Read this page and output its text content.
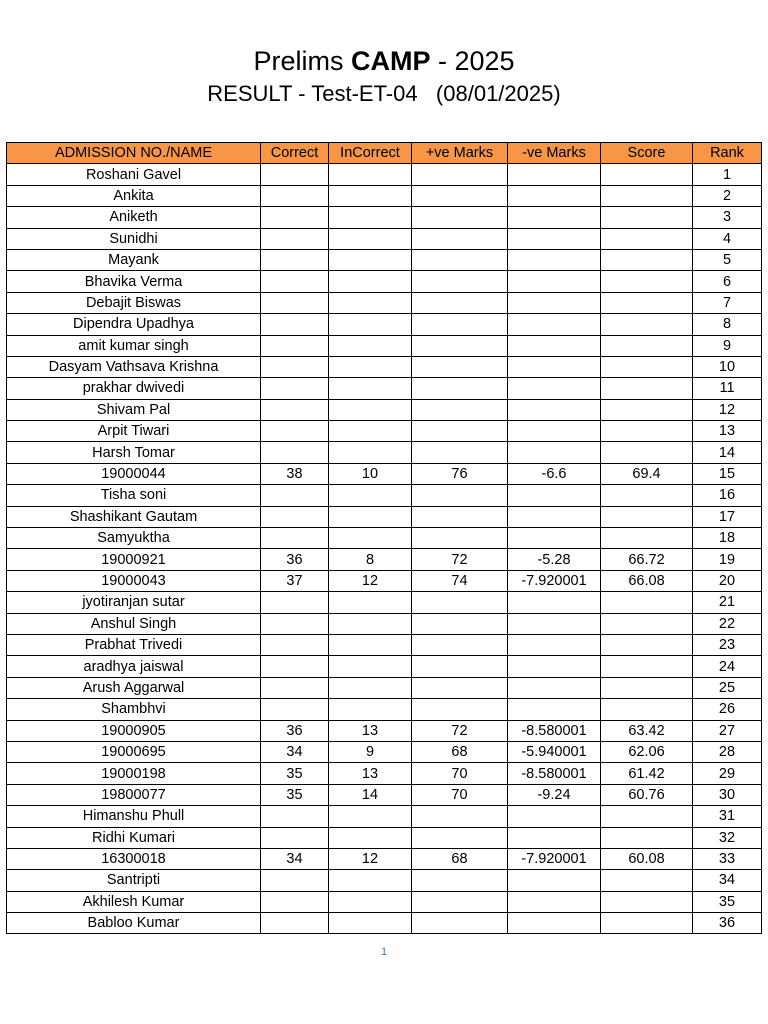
Prelims CAMP - 2025
RESULT - Test-ET-04   (08/01/2025)
ADMISSION NO./NAME	Correct	InCorrect	+ve Marks	-ve Marks	Score	Rank
Roshani Gavel						1
Ankita						2
Aniketh						3
Sunidhi						4
Mayank						5
Bhavika Verma						6
Debajit Biswas						7
Dipendra Upadhya						8
amit kumar singh						9
Dasyam Vathsava Krishna						10
prakhar dwivedi						11
Shivam Pal						12
Arpit Tiwari						13
Harsh Tomar						14
19000044	38	10	76	-6.6	69.4	15
Tisha soni						16
Shashikant Gautam						17
Samyuktha						18
19000921	36	8	72	-5.28	66.72	19
19000043	37	12	74	-7.920001	66.08	20
jyotiranjan sutar						21
Anshul Singh						22
Prabhat Trivedi						23
aradhya jaiswal						24
Arush Aggarwal						25
Shambhvi						26
19000905	36	13	72	-8.580001	63.42	27
19000695	34	9	68	-5.940001	62.06	28
19000198	35	13	70	-8.580001	61.42	29
19800077	35	14	70	-9.24	60.76	30
Himanshu Phull						31
Ridhi Kumari						32
16300018	34	12	68	-7.920001	60.08	33
Santripti						34
Akhilesh Kumar						35
Babloo Kumar						36
1
